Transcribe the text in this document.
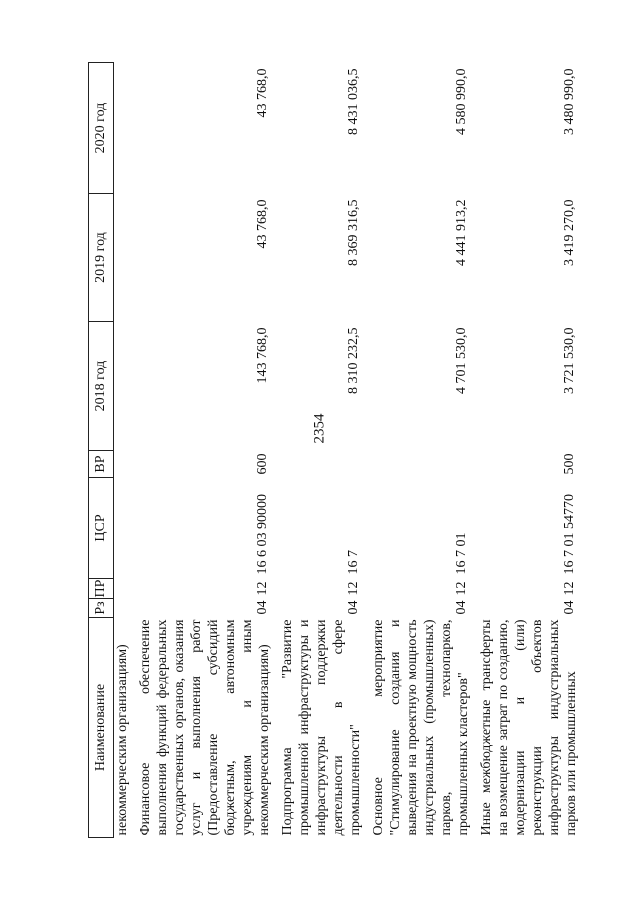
2354
Наименование	Рз	ПР	ЦСР	ВР	2018 год	2019 год	2020 год
некоммерческим организациям)							
Финансовое обеспечение выполнения функций федеральных государственных органов, оказания услуг и выполнения работ (Предоставление субсидий бюджетным, автономным учреждениям и иным некоммерческим организациям)	04	12	16 6 03 90000	600	143 768,0	43 768,0	43 768,0
Подпрограмма "Развитие промышленной инфраструктуры и инфраструктуры поддержки деятельности в сфере промышленности"	04	12	16 7		8 310 232,5	8 369 316,5	8 431 036,5
Основное мероприятие "Стимулирование создания и выведения на проектную мощность индустриальных (промышленных) парков, технопарков, промышленных кластеров"	04	12	16 7 01		4 701 530,0	4 441 913,2	4 580 990,0
Иные межбюджетные трансферты на возмещение затрат по созданию, модернизации и (или) реконструкции объектов инфраструктуры индустриальных парков или промышленных	04	12	16 7 01 54770	500	3 721 530,0	3 419 270,0	3 480 990,0
